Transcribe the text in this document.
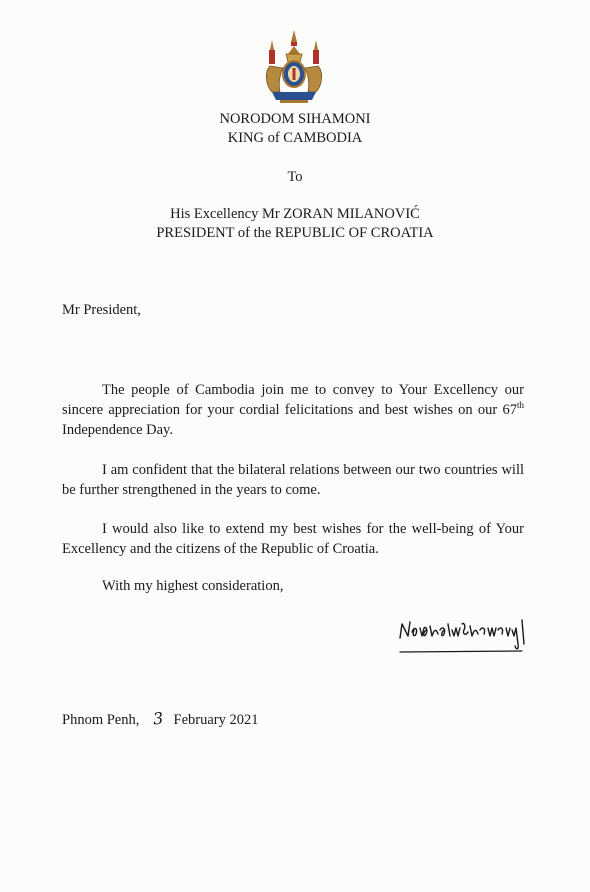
NORODOM SIHAMONI
KING of CAMBODIA
To
His Excellency Mr ZORAN MILANOVIĆ
PRESIDENT of the REPUBLIC OF CROATIA
Mr President,

The people of Cambodia join me to convey to Your Excellency our sincere appreciation for your cordial felicitations and best wishes on our 67th Independence Day.

I am confident that the bilateral relations between our two countries will be further strengthened in the years to come.

I would also like to extend my best wishes for the well-being of Your Excellency and the citizens of the Republic of Croatia.

With my highest consideration,
Phnom Penh, 3 February 2021
